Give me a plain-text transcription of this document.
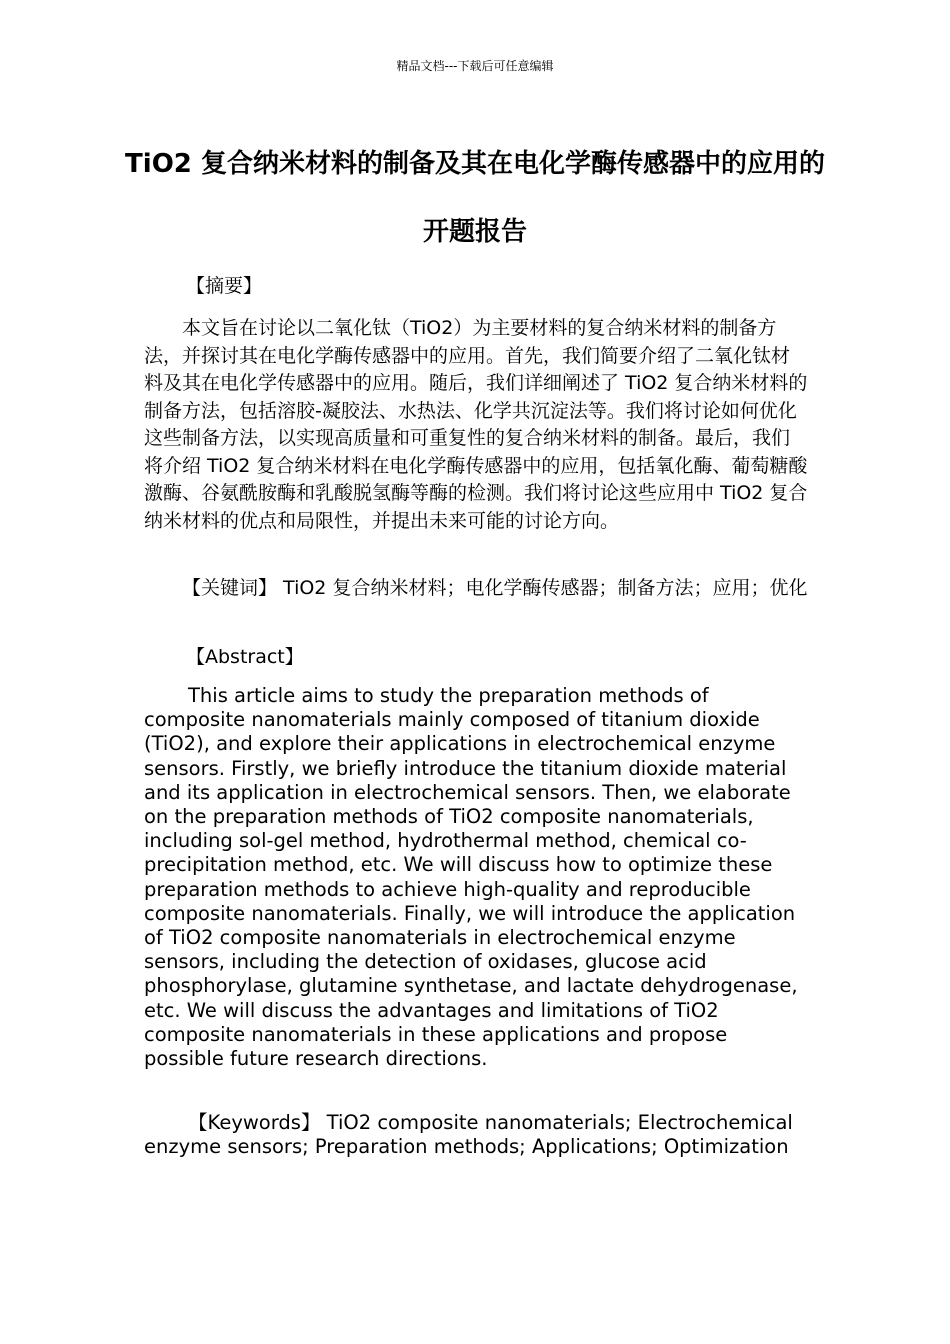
精品文档---下载后可任意编辑
TiO2 复合纳米材料的制备及其在电化学酶传感器中的应用的开题报告

【摘要】

本文旨在讨论以二氧化钛（TiO2）为主要材料的复合纳米材料的制备方法，并探讨其在电化学酶传感器中的应用。首先，我们简要介绍了二氧化钛材料及其在电化学传感器中的应用。随后，我们详细阐述了 TiO2 复合纳米材料的制备方法，包括溶胶-凝胶法、水热法、化学共沉淀法等。我们将讨论如何优化这些制备方法，以实现高质量和可重复性的复合纳米材料的制备。最后，我们将介绍 TiO2 复合纳米材料在电化学酶传感器中的应用，包括氧化酶、葡萄糖酸激酶、谷氨酰胺酶和乳酸脱氢酶等酶的检测。我们将讨论这些应用中 TiO2 复合纳米材料的优点和局限性，并提出未来可能的讨论方向。

【关键词】 TiO2 复合纳米材料；电化学酶传感器；制备方法；应用；优化

【Abstract】

This article aims to study the preparation methods of composite nanomaterials mainly composed of titanium dioxide (TiO2), and explore their applications in electrochemical enzyme sensors. Firstly, we briefly introduce the titanium dioxide material and its application in electrochemical sensors. Then, we elaborate on the preparation methods of TiO2 composite nanomaterials, including sol-gel method, hydrothermal method, chemical co-precipitation method, etc. We will discuss how to optimize these preparation methods to achieve high-quality and reproducible composite nanomaterials. Finally, we will introduce the application of TiO2 composite nanomaterials in electrochemical enzyme sensors, including the detection of oxidases, glucose acid phosphorylase, glutamine synthetase, and lactate dehydrogenase, etc. We will discuss the advantages and limitations of TiO2 composite nanomaterials in these applications and propose possible future research directions.

【Keywords】 TiO2 composite nanomaterials; Electrochemical enzyme sensors; Preparation methods; Applications; Optimization
